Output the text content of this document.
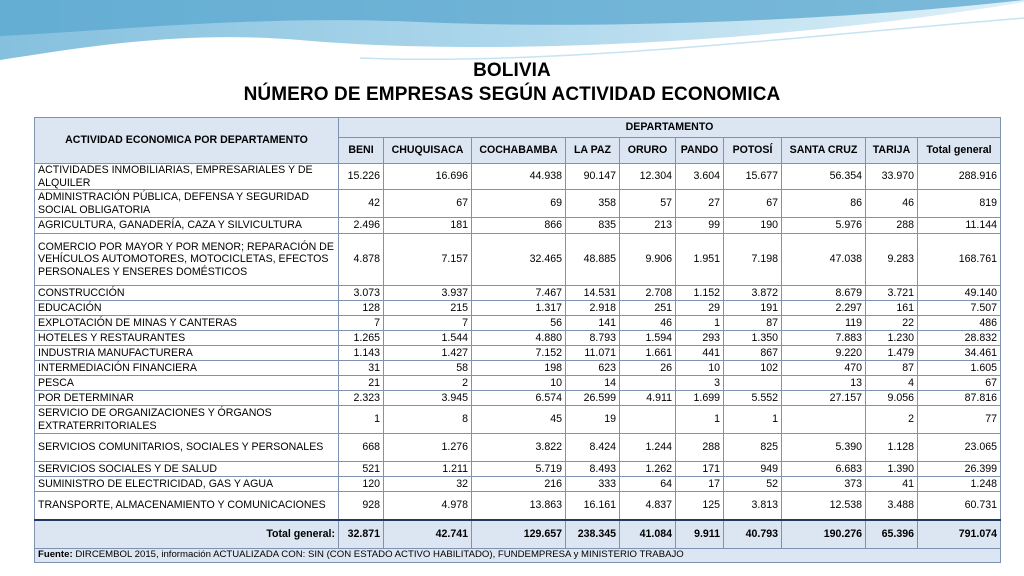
BOLIVIA
NÚMERO DE EMPRESAS SEGÚN ACTIVIDAD ECONOMICA
ACTIVIDAD ECONOMICA POR DEPARTAMENTO	DEPARTAMENTO									
	BENI	CHUQUISACA	COCHABAMBA	LA PAZ	ORURO	PANDO	POTOSÍ	SANTA CRUZ	TARIJA	Total general
ACTIVIDADES INMOBILIARIAS, EMPRESARIALES Y DE ALQUILER	15.226	16.696	44.938	90.147	12.304	3.604	15.677	56.354	33.970	288.916
ADMINISTRACIÓN PÚBLICA, DEFENSA Y SEGURIDAD SOCIAL OBLIGATORIA	42	67	69	358	57	27	67	86	46	819
AGRICULTURA, GANADERÍA, CAZA Y SILVICULTURA	2.496	181	866	835	213	99	190	5.976	288	11.144
COMERCIO POR MAYOR Y POR MENOR; REPARACIÓN DE VEHÍCULOS AUTOMOTORES, MOTOCICLETAS, EFECTOS PERSONALES Y ENSERES DOMÉSTICOS	4.878	7.157	32.465	48.885	9.906	1.951	7.198	47.038	9.283	168.761
CONSTRUCCIÓN	3.073	3.937	7.467	14.531	2.708	1.152	3.872	8.679	3.721	49.140
EDUCACIÓN	128	215	1.317	2.918	251	29	191	2.297	161	7.507
EXPLOTACIÓN DE MINAS Y CANTERAS	7	7	56	141	46	1	87	119	22	486
HOTELES Y RESTAURANTES	1.265	1.544	4.880	8.793	1.594	293	1.350	7.883	1.230	28.832
INDUSTRIA MANUFACTURERA	1.143	1.427	7.152	11.071	1.661	441	867	9.220	1.479	34.461
INTERMEDIACIÓN FINANCIERA	31	58	198	623	26	10	102	470	87	1.605
PESCA	21	2	10	14		3		13	4	67
POR DETERMINAR	2.323	3.945	6.574	26.599	4.911	1.699	5.552	27.157	9.056	87.816
SERVICIO DE ORGANIZACIONES Y ÓRGANOS EXTRATERRITORIALES	1	8	45	19		1	1		2	77
SERVICIOS COMUNITARIOS, SOCIALES Y PERSONALES	668	1.276	3.822	8.424	1.244	288	825	5.390	1.128	23.065
SERVICIOS SOCIALES Y DE SALUD	521	1.211	5.719	8.493	1.262	171	949	6.683	1.390	26.399
SUMINISTRO DE ELECTRICIDAD, GAS Y AGUA	120	32	216	333	64	17	52	373	41	1.248
TRANSPORTE, ALMACENAMIENTO Y COMUNICACIONES	928	4.978	13.863	16.161	4.837	125	3.813	12.538	3.488	60.731
Total general:	32.871	42.741	129.657	238.345	41.084	9.911	40.793	190.276	65.396	791.074
Fuente: DIRCEMBOL 2015, información ACTUALIZADA CON: SIN (CON ESTADO ACTIVO HABILITADO), FUNDEMPRESA y MINISTERIO TRABAJO										
